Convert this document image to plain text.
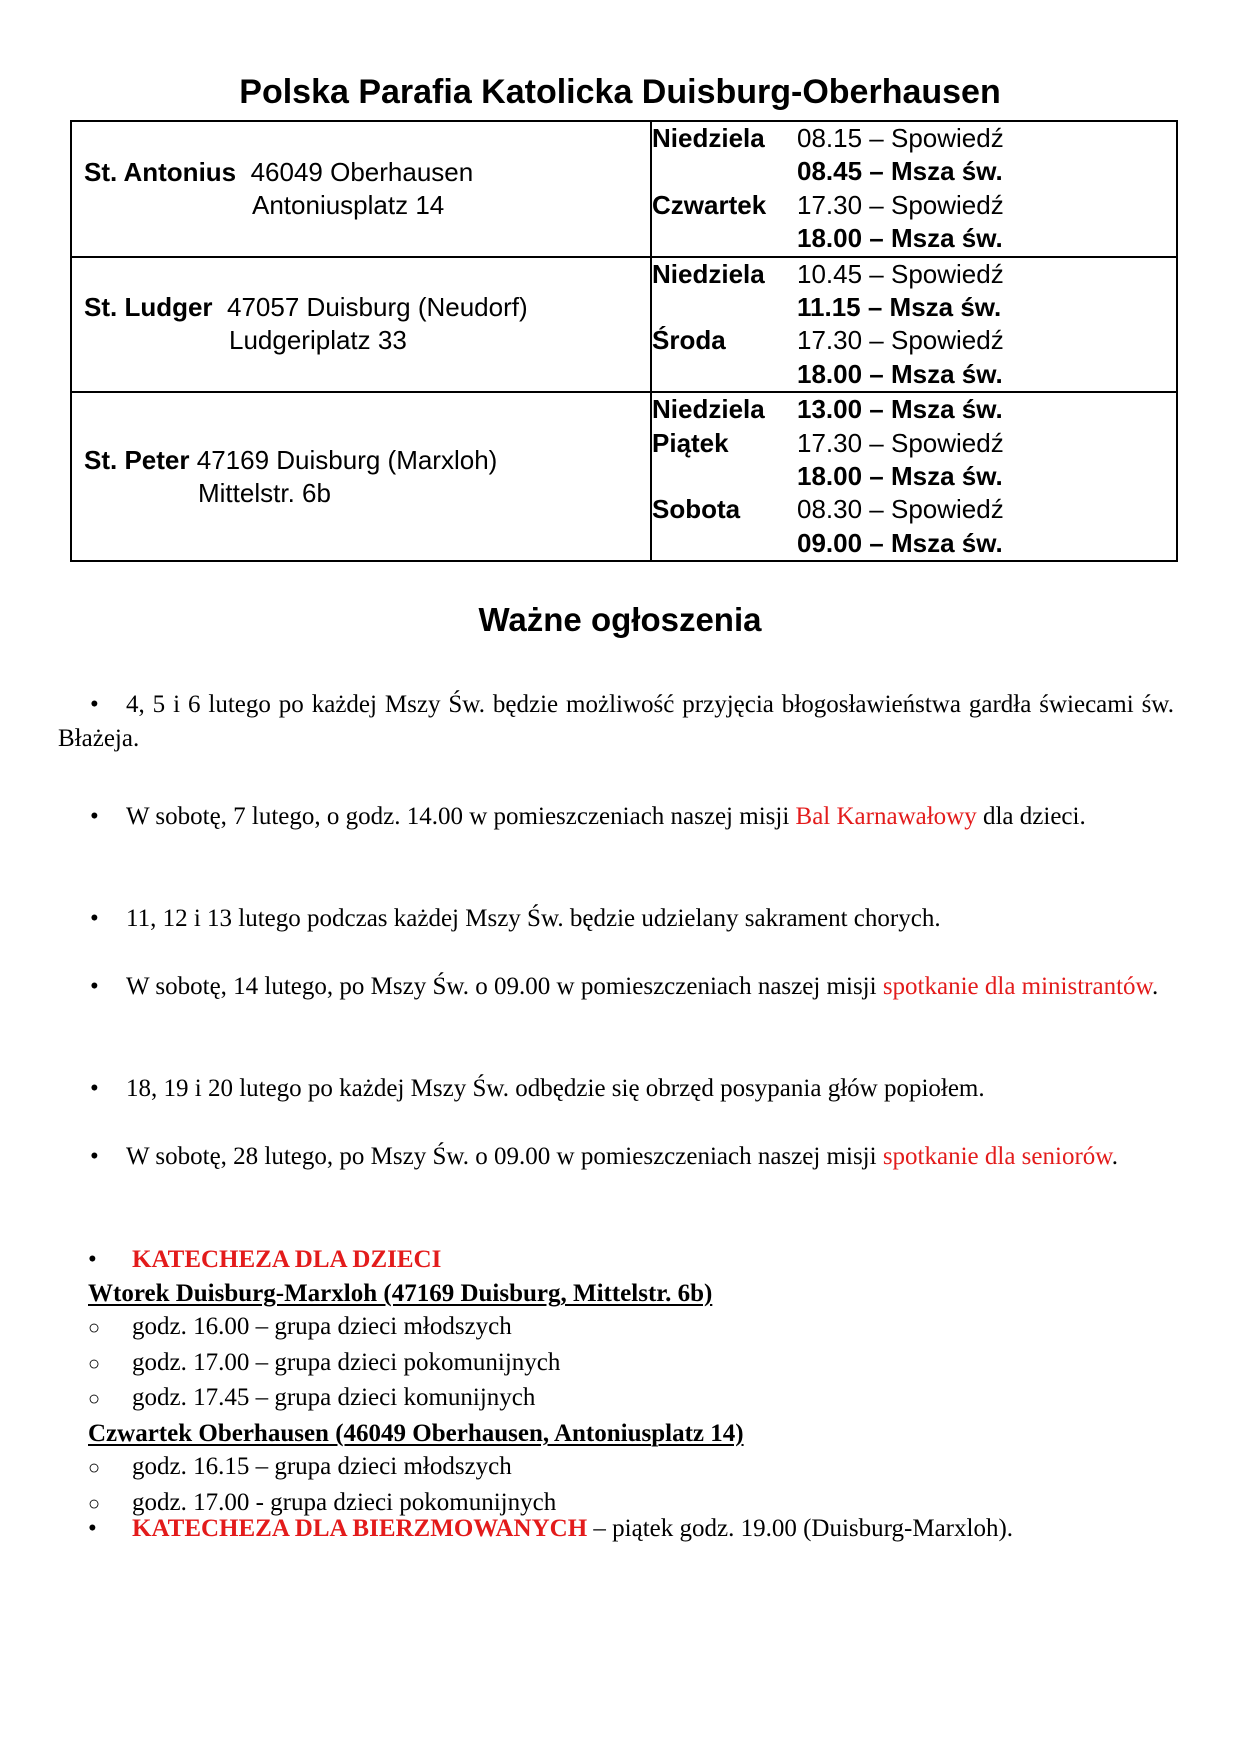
Polska Parafia Katolicka Duisburg-Oberhausen
St. Antonius 46049 Oberhausen
Antoniusplatz 14

Niedziela	08.15 – Spowiedź
08.45 – Msza św.
Czwartek	17.30 – Spowiedź
18.00 – Msza św.

St. Ludger 47057 Duisburg (Neudorf)
Ludgeriplatz 33

Niedziela	10.45 – Spowiedź
11.15 – Msza św.
Środa	17.30 – Spowiedź
18.00 – Msza św.

St. Peter 47169 Duisburg (Marxloh)
Mittelstr. 6b

Niedziela	13.00 – Msza św.
Piątek	17.30 – Spowiedź
18.00 – Msza św.
Sobota	08.30 – Spowiedź
09.00 – Msza św.
Ważne ogłoszenia
• 4, 5 i 6 lutego po każdej Mszy Św. będzie możliwość przyjęcia błogosławieństwa gardła świecami św. Błażeja.
• W sobotę, 7 lutego, o godz. 14.00 w pomieszczeniach naszej misji Bal Karnawałowy dla dzieci.
• 11, 12 i 13 lutego podczas każdej Mszy Św. będzie udzielany sakrament chorych.
• W sobotę, 14 lutego, po Mszy Św. o 09.00 w pomieszczeniach naszej misji spotkanie dla ministrantów.
• 18, 19 i 20 lutego po każdej Mszy Św. odbędzie się obrzęd posypania głów popiołem.
• W sobotę, 28 lutego, po Mszy Św. o 09.00 w pomieszczeniach naszej misji spotkanie dla seniorów.
• KATECHEZA DLA DZIECI
Wtorek Duisburg-Marxloh (47169 Duisburg, Mittelstr. 6b)
○ godz. 16.00 – grupa dzieci młodszych
○ godz. 17.00 – grupa dzieci pokomunijnych
○ godz. 17.45 – grupa dzieci komunijnych
Czwartek Oberhausen (46049 Oberhausen, Antoniusplatz 14)
○ godz. 16.15 – grupa dzieci młodszych
○ godz. 17.00 - grupa dzieci pokomunijnych
• KATECHEZA DLA BIERZMOWANYCH – piątek godz. 19.00 (Duisburg-Marxloh).
